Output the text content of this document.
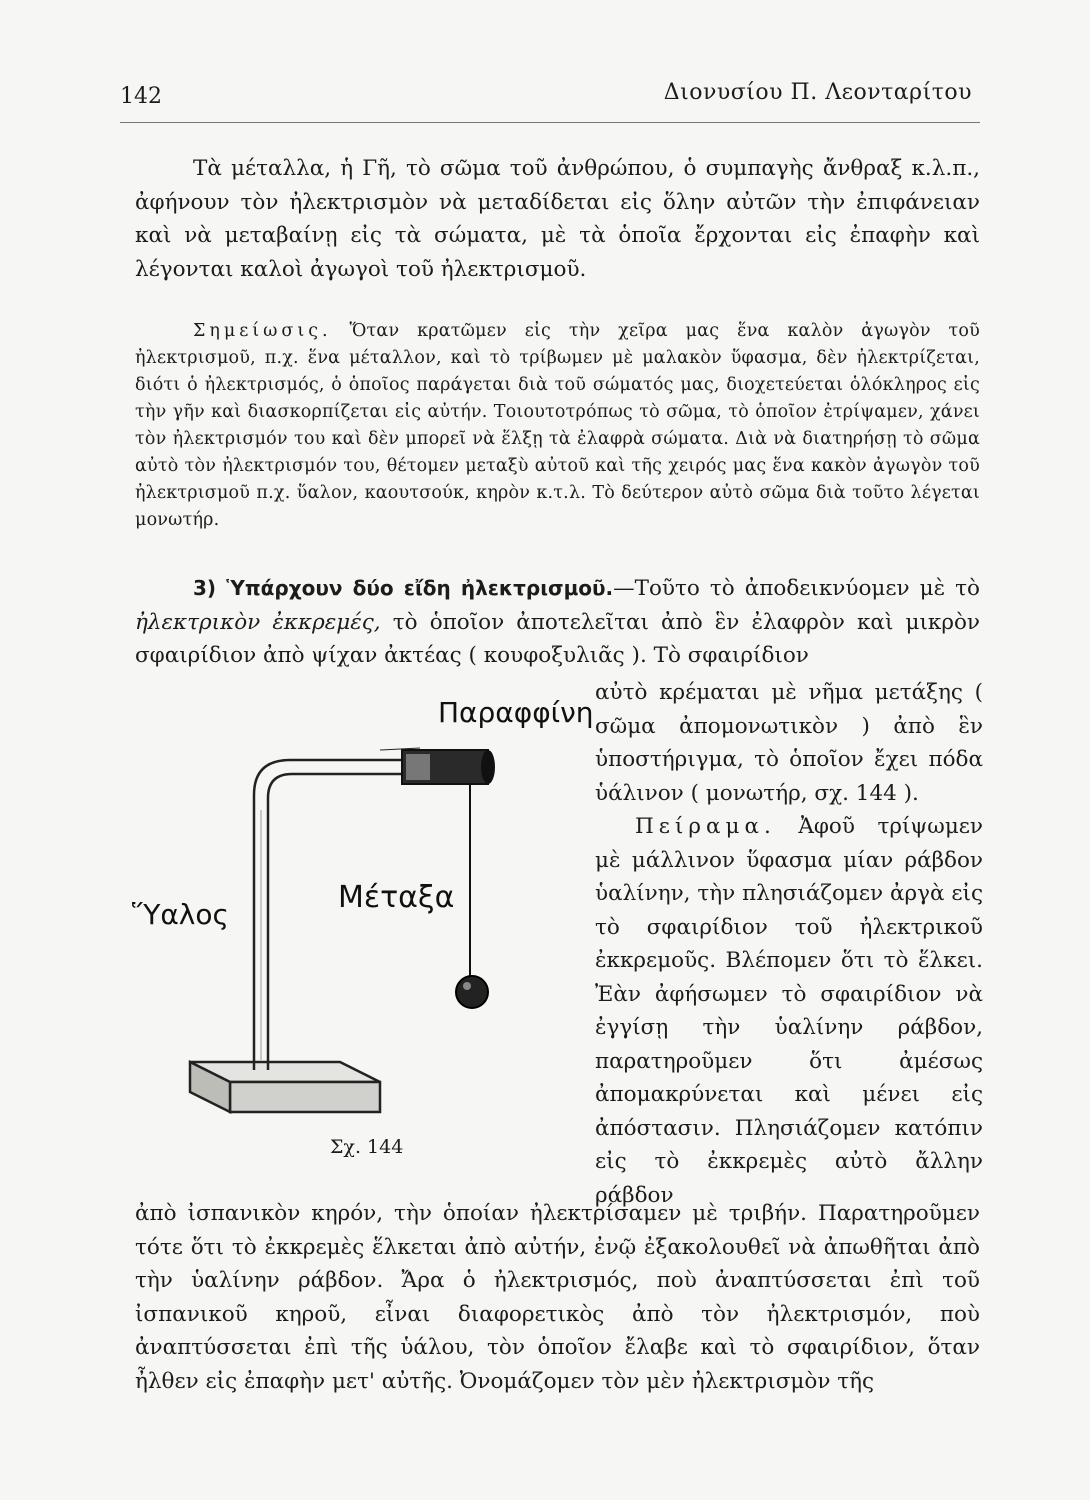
142	Διονυσίου Π. Λεονταρίτου

Τὰ μέταλλα, ἡ Γῆ, τὸ σῶμα τοῦ ἀνθρώπου, ὁ συμπαγὴς ἄνθραξ κ.λ.π., ἀφήνουν τὸν ἠλεκτρισμὸν νὰ μεταδίδεται εἰς ὅλην αὐτῶν τὴν ἐπιφάνειαν καὶ νὰ μεταβαίνῃ εἰς τὰ σώματα, μὲ τὰ ὁποῖα ἔρχονται εἰς ἐπαφὴν καὶ λέγονται καλοὶ ἀγωγοὶ τοῦ ἠλεκτρισμοῦ.

Σημείωσις. Ὅταν κρατῶμεν εἰς τὴν χεῖρα μας ἕνα καλὸν ἀγωγὸν τοῦ ἠλεκτρισμοῦ, π.χ. ἕνα μέταλλον, καὶ τὸ τρίβωμεν μὲ μαλακὸν ὕφασμα, δὲν ἠλεκτρίζεται, διότι ὁ ἠλεκτρισμός, ὁ ὁποῖος παράγεται διὰ τοῦ σώματός μας, διοχετεύεται ὁλόκληρος εἰς τὴν γῆν καὶ διασκορπίζεται εἰς αὐτήν. Τοιουτοτρόπως τὸ σῶμα, τὸ ὁποῖον ἐτρίψαμεν, χάνει τὸν ἠλεκτρισμόν του καὶ δὲν μπορεῖ νὰ ἕλξῃ τὰ ἐλαφρὰ σώματα. Διὰ νὰ διατηρήσῃ τὸ σῶμα αὐτὸ τὸν ἠλεκτρισμόν του, θέτομεν μεταξὺ αὐτοῦ καὶ τῆς χειρός μας ἕνα κακὸν ἀγωγὸν τοῦ ἠλεκτρισμοῦ π.χ. ὕαλον, καουτσούκ, κηρὸν κ.τ.λ. Τὸ δεύτερον αὐτὸ σῶμα διὰ τοῦτο λέγεται μονωτήρ.

3) Ὑπάρχουν δύο εἴδη ἠλεκτρισμοῦ.—Τοῦτο τὸ ἀποδεικνύομεν μὲ τὸ ἠλεκτρικὸν ἐκκρεμές, τὸ ὁποῖον ἀποτελεῖται ἀπὸ ἓν ἐλαφρὸν καὶ μικρὸν σφαιρίδιον ἀπὸ ψίχαν ἀκτέας ( κουφοξυλιᾶς ). Τὸ σφαιρίδιον

Παραφφίνη
Ὕαλος	Μέταξα
Σχ. 144
αὐτὸ κρέμαται μὲ νῆμα μετάξης ( σῶμα ἀπομονωτικὸν ) ἀπὸ ἓν ὑποστήριγμα, τὸ ὁποῖον ἔχει πόδα ὑάλινον ( μονωτήρ, σχ. 144 ).
Πείραμα. Ἀφοῦ τρίψωμεν μὲ μάλλινον ὕφασμα μίαν ράβδον ὑαλίνην, τὴν πλησιάζομεν ἀργὰ εἰς τὸ σφαιρίδιον τοῦ ἠλεκτρικοῦ ἐκκρεμοῦς. Βλέπομεν ὅτι τὸ ἕλκει. Ἐὰν ἀφήσωμεν τὸ σφαιρίδιον νὰ ἐγγίσῃ τὴν ὑαλίνην ράβδον, παρατηροῦμεν ὅτι ἀμέσως ἀπομακρύνεται καὶ μένει εἰς ἀπόστασιν. Πλησιάζομεν κατόπιν εἰς τὸ ἐκκρεμὲς αὐτὸ ἄλλην ράβδον

ἀπὸ ἰσπανικὸν κηρόν, τὴν ὁποίαν ἠλεκτρίσαμεν μὲ τριβήν. Παρατηροῦμεν τότε ὅτι τὸ ἐκκρεμὲς ἕλκεται ἀπὸ αὐτήν, ἐνῷ ἐξακολουθεῖ νὰ ἀπωθῆται ἀπὸ τὴν ὑαλίνην ράβδον. Ἄρα ὁ ἠλεκτρισμός, ποὺ ἀναπτύσσεται ἐπὶ τοῦ ἰσπανικοῦ κηροῦ, εἶναι διαφορετικὸς ἀπὸ τὸν ἠλεκτρισμόν, ποὺ ἀναπτύσσεται ἐπὶ τῆς ὑάλου, τὸν ὁποῖον ἔλαβε καὶ τὸ σφαιρίδιον, ὅταν ἦλθεν εἰς ἐπαφὴν μετ' αὐτῆς. Ὀνομάζομεν τὸν μὲν ἠλεκτρισμὸν τῆς
